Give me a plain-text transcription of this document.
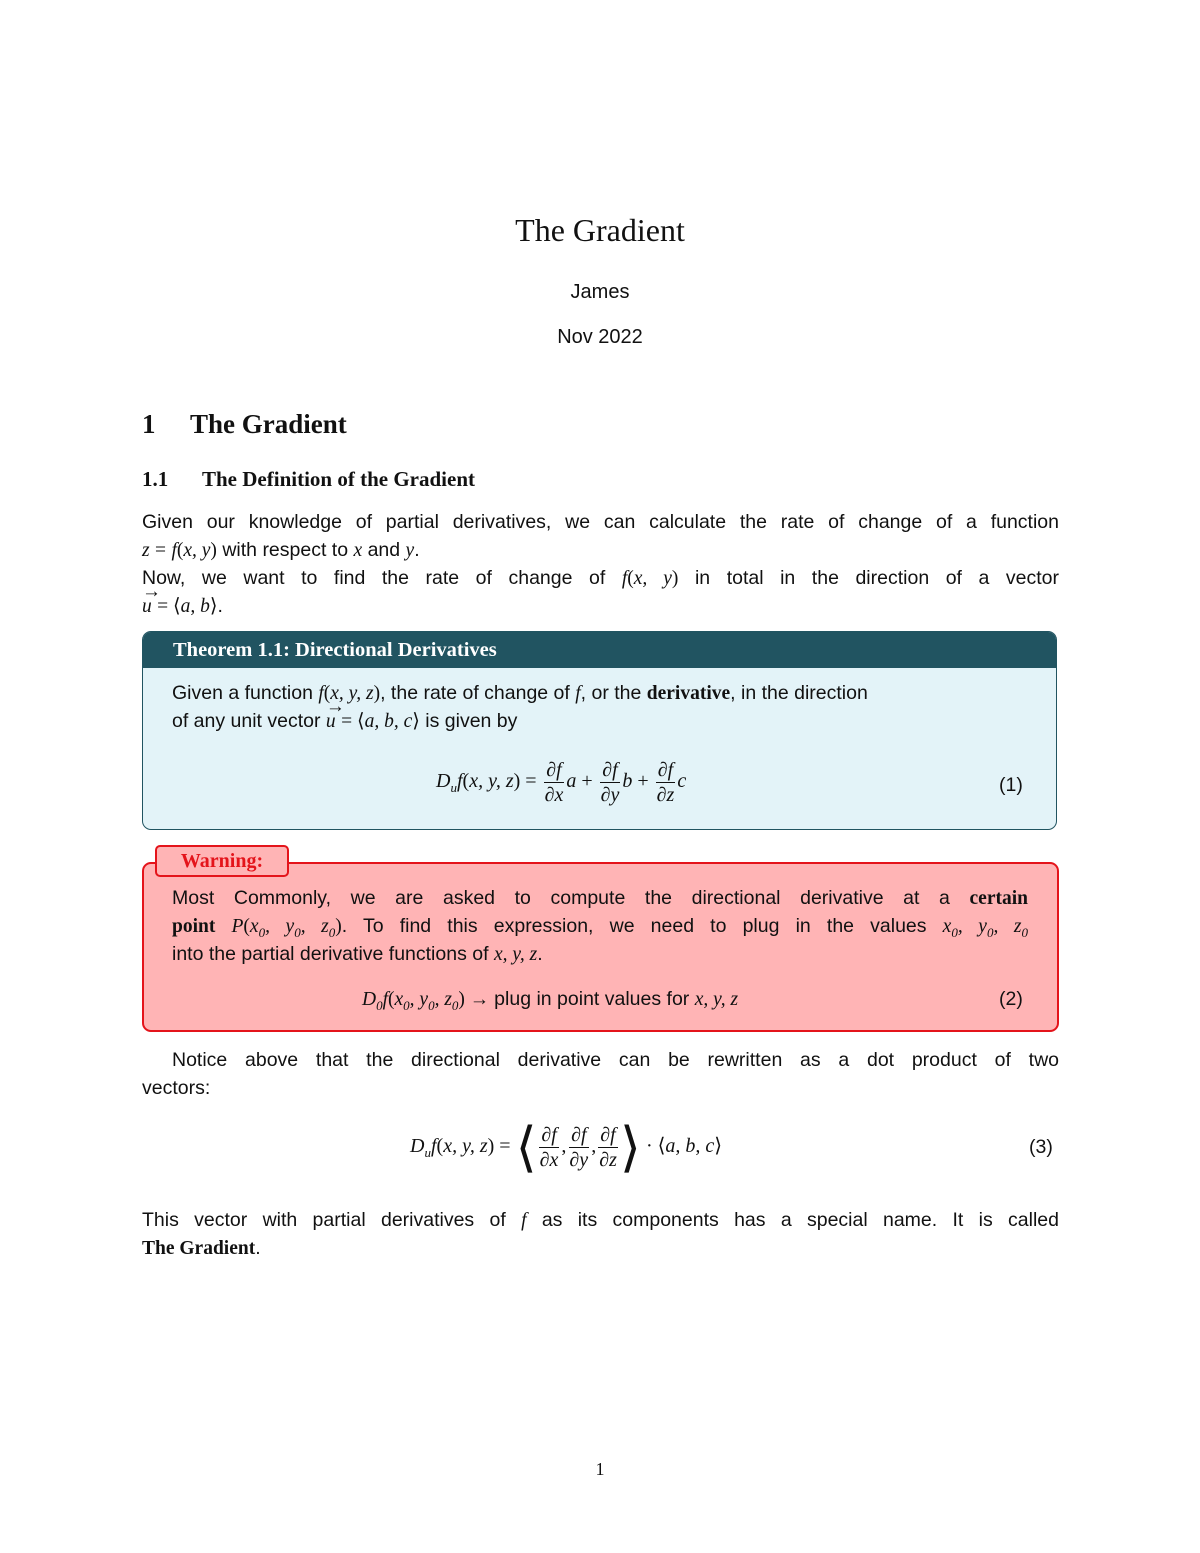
The Gradient
James
Nov 2022
1 The Gradient
1.1 The Definition of the Gradient
Given our knowledge of partial derivatives, we can calculate the rate of change of a function
z = f(x, y) with respect to x and y.
Now, we want to find the rate of change of f(x, y) in total in the direction of a vector
→ u = ⟨a, b⟩.
Theorem 1.1: Directional Derivatives
Given a function f(x, y, z), the rate of change of f, or the derivative, in the direction
of any unit vector → u = ⟨a, b, c⟩ is given by
$D_uf(x$, y, $z) = \frac{\partial f}{\partial x}$ $a + \frac{\partial f}{\partial y}$ $b + \frac{\partial f}{\partial z}$ c	(1)
Warning:
Most Commonly, we are asked to compute the directional derivative at a certain
point $P(x_0$, $y_0$, $z_0$). To find this expression, we need to plug in the values $x_0$, $y_0$, $z_0$
into the partial derivative functions of x, y, z.
$D_0f(x_0$, $y_0$, $z_0$) → plug in point values for x, y, z	(2)
Notice above that the directional derivative can be rewritten as a dot product of two
vectors:
$D_uf(x$, y, z) = ⟨ $\frac{\partial f}{\partial x}$ , $\frac{\partial f}{\partial y}$ , $\frac{\partial f}{\partial z}$ ⟩ · ⟨a, b, c⟩	(3)
This vector with partial derivatives of f as its components has a special name. It is called
The Gradient.
1
